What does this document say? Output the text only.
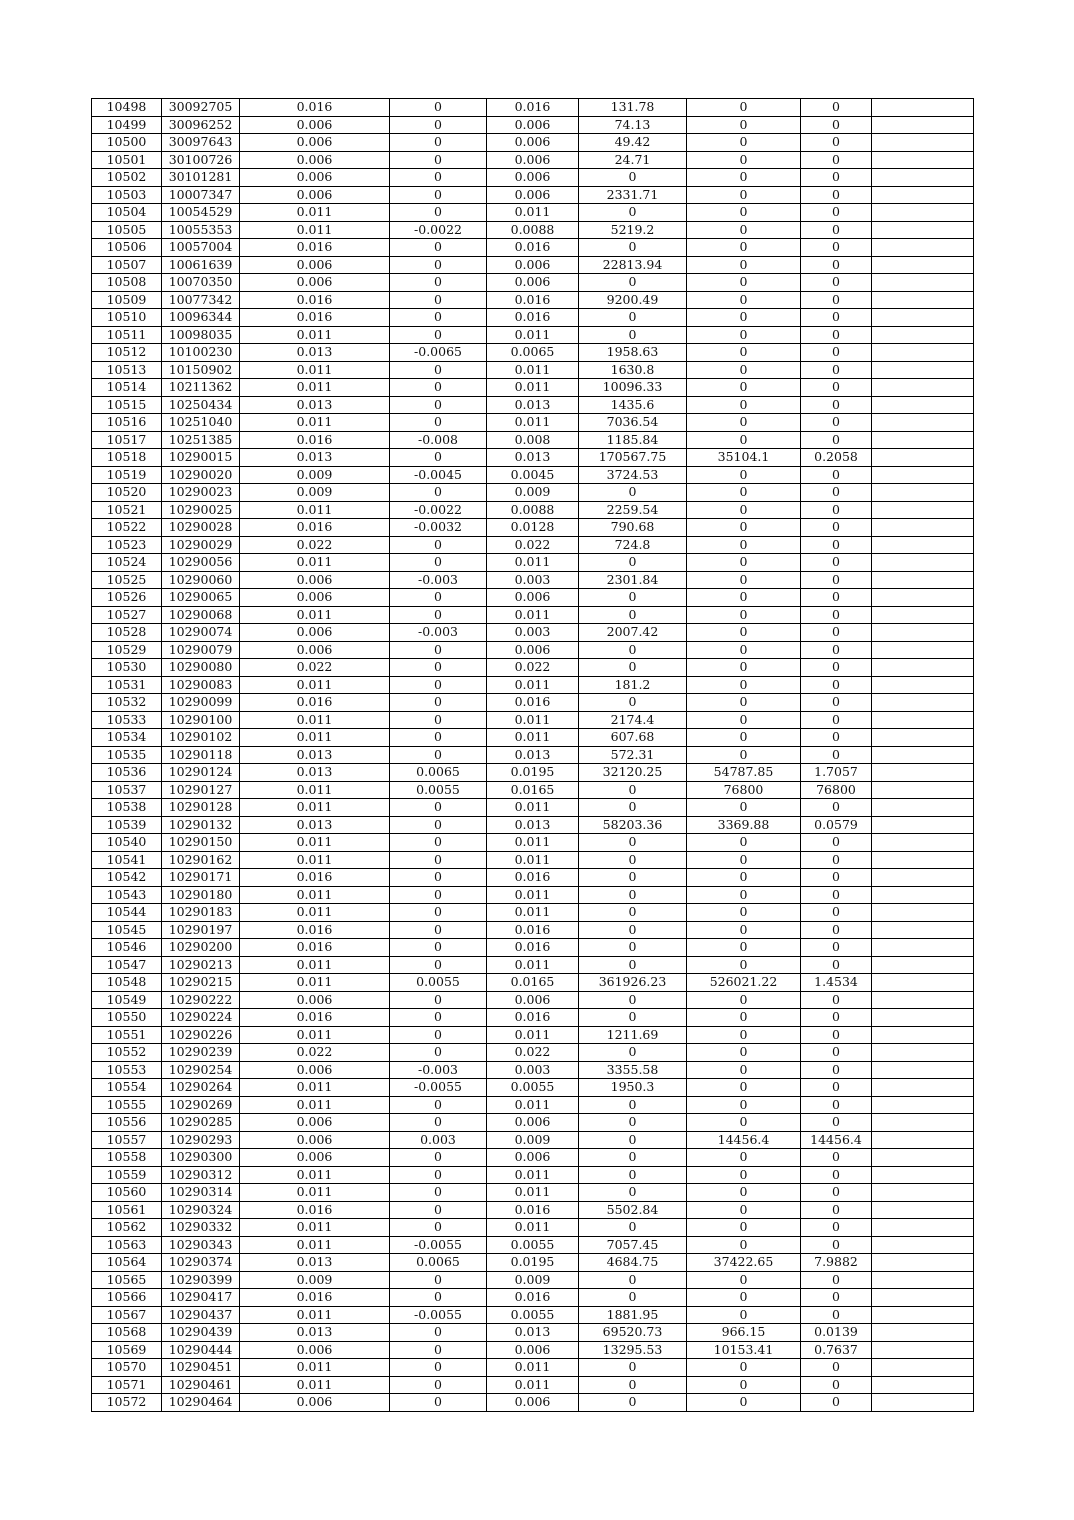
10498	30092705	0.016	0	0.016	131.78	0	0	
10499	30096252	0.006	0	0.006	74.13	0	0	
10500	30097643	0.006	0	0.006	49.42	0	0	
10501	30100726	0.006	0	0.006	24.71	0	0	
10502	30101281	0.006	0	0.006	0	0	0	
10503	10007347	0.006	0	0.006	2331.71	0	0	
10504	10054529	0.011	0	0.011	0	0	0	
10505	10055353	0.011	-0.0022	0.0088	5219.2	0	0	
10506	10057004	0.016	0	0.016	0	0	0	
10507	10061639	0.006	0	0.006	22813.94	0	0	
10508	10070350	0.006	0	0.006	0	0	0	
10509	10077342	0.016	0	0.016	9200.49	0	0	
10510	10096344	0.016	0	0.016	0	0	0	
10511	10098035	0.011	0	0.011	0	0	0	
10512	10100230	0.013	-0.0065	0.0065	1958.63	0	0	
10513	10150902	0.011	0	0.011	1630.8	0	0	
10514	10211362	0.011	0	0.011	10096.33	0	0	
10515	10250434	0.013	0	0.013	1435.6	0	0	
10516	10251040	0.011	0	0.011	7036.54	0	0	
10517	10251385	0.016	-0.008	0.008	1185.84	0	0	
10518	10290015	0.013	0	0.013	170567.75	35104.1	0.2058	
10519	10290020	0.009	-0.0045	0.0045	3724.53	0	0	
10520	10290023	0.009	0	0.009	0	0	0	
10521	10290025	0.011	-0.0022	0.0088	2259.54	0	0	
10522	10290028	0.016	-0.0032	0.0128	790.68	0	0	
10523	10290029	0.022	0	0.022	724.8	0	0	
10524	10290056	0.011	0	0.011	0	0	0	
10525	10290060	0.006	-0.003	0.003	2301.84	0	0	
10526	10290065	0.006	0	0.006	0	0	0	
10527	10290068	0.011	0	0.011	0	0	0	
10528	10290074	0.006	-0.003	0.003	2007.42	0	0	
10529	10290079	0.006	0	0.006	0	0	0	
10530	10290080	0.022	0	0.022	0	0	0	
10531	10290083	0.011	0	0.011	181.2	0	0	
10532	10290099	0.016	0	0.016	0	0	0	
10533	10290100	0.011	0	0.011	2174.4	0	0	
10534	10290102	0.011	0	0.011	607.68	0	0	
10535	10290118	0.013	0	0.013	572.31	0	0	
10536	10290124	0.013	0.0065	0.0195	32120.25	54787.85	1.7057	
10537	10290127	0.011	0.0055	0.0165	0	76800	76800	
10538	10290128	0.011	0	0.011	0	0	0	
10539	10290132	0.013	0	0.013	58203.36	3369.88	0.0579	
10540	10290150	0.011	0	0.011	0	0	0	
10541	10290162	0.011	0	0.011	0	0	0	
10542	10290171	0.016	0	0.016	0	0	0	
10543	10290180	0.011	0	0.011	0	0	0	
10544	10290183	0.011	0	0.011	0	0	0	
10545	10290197	0.016	0	0.016	0	0	0	
10546	10290200	0.016	0	0.016	0	0	0	
10547	10290213	0.011	0	0.011	0	0	0	
10548	10290215	0.011	0.0055	0.0165	361926.23	526021.22	1.4534	
10549	10290222	0.006	0	0.006	0	0	0	
10550	10290224	0.016	0	0.016	0	0	0	
10551	10290226	0.011	0	0.011	1211.69	0	0	
10552	10290239	0.022	0	0.022	0	0	0	
10553	10290254	0.006	-0.003	0.003	3355.58	0	0	
10554	10290264	0.011	-0.0055	0.0055	1950.3	0	0	
10555	10290269	0.011	0	0.011	0	0	0	
10556	10290285	0.006	0	0.006	0	0	0	
10557	10290293	0.006	0.003	0.009	0	14456.4	14456.4	
10558	10290300	0.006	0	0.006	0	0	0	
10559	10290312	0.011	0	0.011	0	0	0	
10560	10290314	0.011	0	0.011	0	0	0	
10561	10290324	0.016	0	0.016	5502.84	0	0	
10562	10290332	0.011	0	0.011	0	0	0	
10563	10290343	0.011	-0.0055	0.0055	7057.45	0	0	
10564	10290374	0.013	0.0065	0.0195	4684.75	37422.65	7.9882	
10565	10290399	0.009	0	0.009	0	0	0	
10566	10290417	0.016	0	0.016	0	0	0	
10567	10290437	0.011	-0.0055	0.0055	1881.95	0	0	
10568	10290439	0.013	0	0.013	69520.73	966.15	0.0139	
10569	10290444	0.006	0	0.006	13295.53	10153.41	0.7637	
10570	10290451	0.011	0	0.011	0	0	0	
10571	10290461	0.011	0	0.011	0	0	0	
10572	10290464	0.006	0	0.006	0	0	0	
